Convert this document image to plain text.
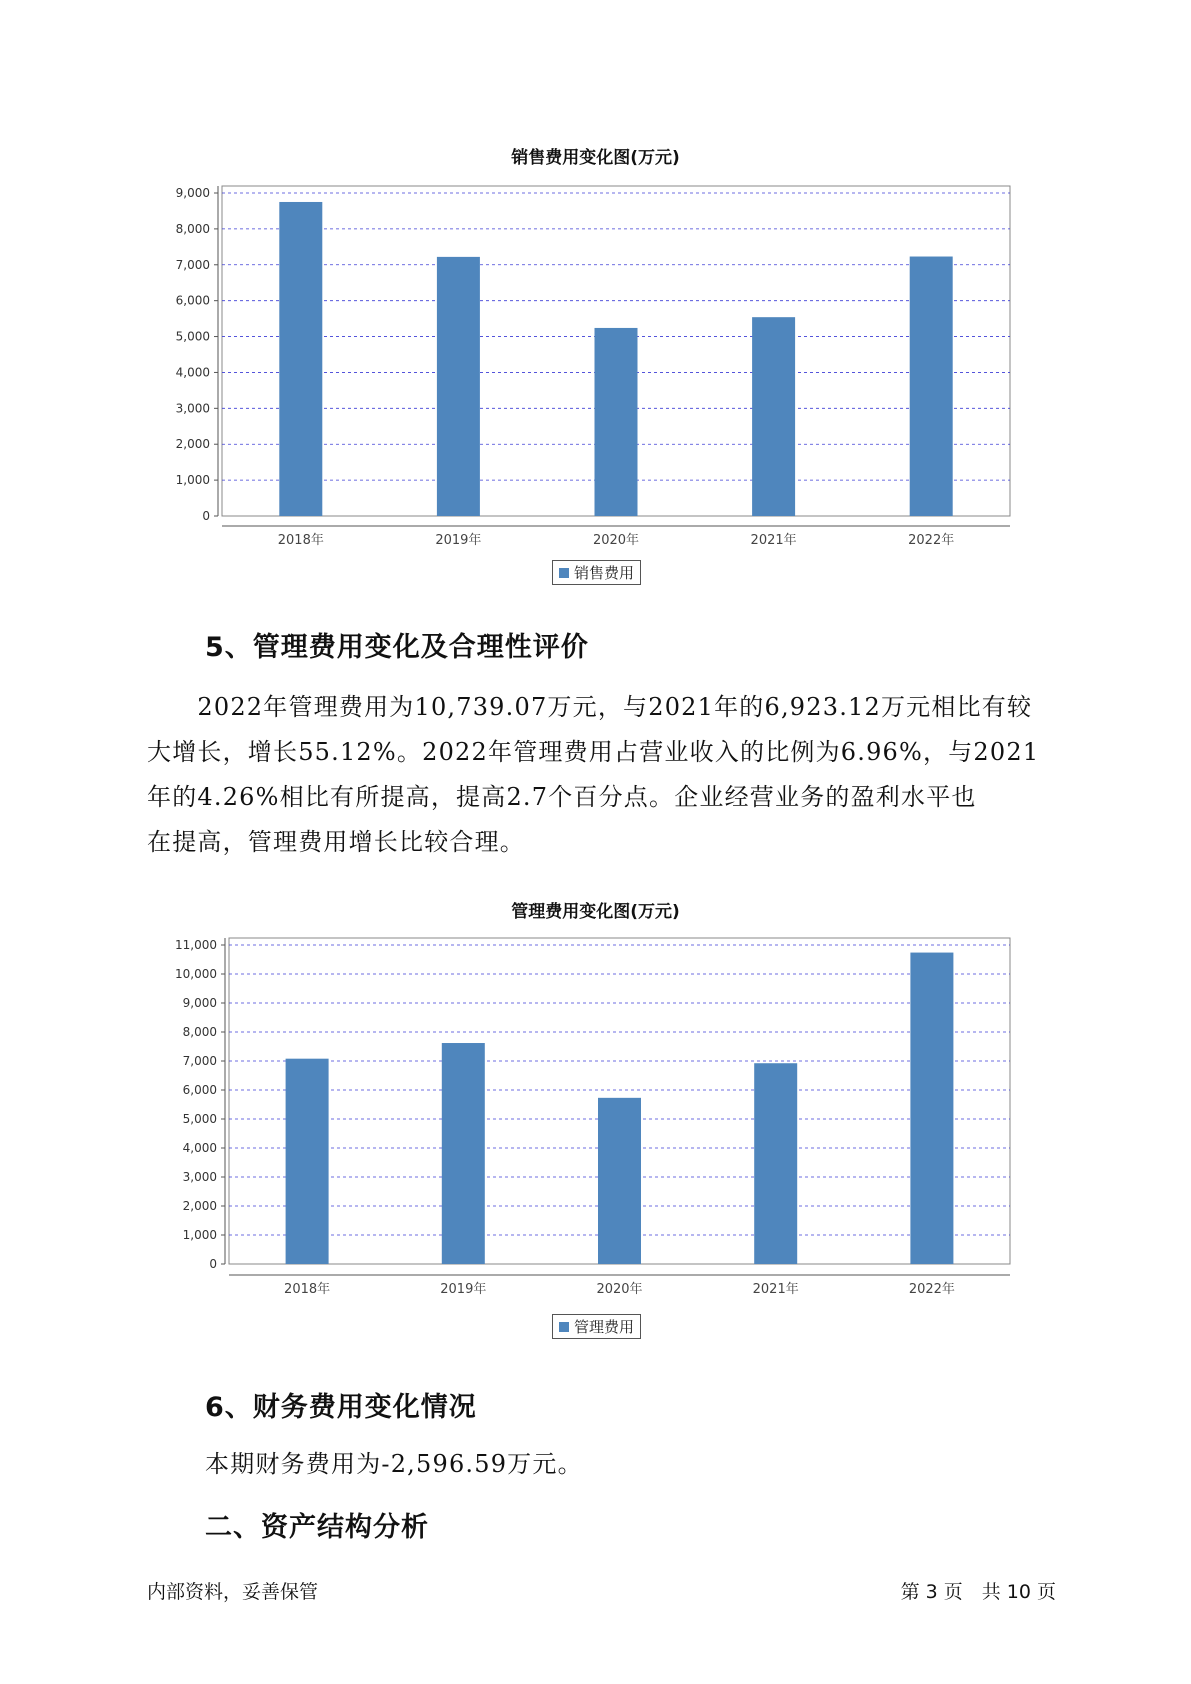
销售费用变化图(万元)
0
1,000
2,000
3,000
4,000
5,000
6,000
7,000
8,000
9,000
2018年	2019年	2020年	2021年	2022年
销售费用
5、管理费用变化及合理性评价

　　2022年管理费用为10,739.07万元，与2021年的6,923.12万元相比有较

大增长，增长55.12%。2022年管理费用占营业收入的比例为6.96%，与2021

年的4.26%相比有所提高，提高2.7个百分点。企业经营业务的盈利水平也

在提高，管理费用增长比较合理。

管理费用变化图(万元)
0
1,000
2,000
3,000
4,000
5,000
6,000
7,000
8,000
9,000
10,000
11,000
2018年	2019年	2020年	2021年	2022年
管理费用
6、财务费用变化情况
本期财务费用为-2,596.59万元。
二、资产结构分析
内部资料，妥善保管	第 3 页　共 10 页
